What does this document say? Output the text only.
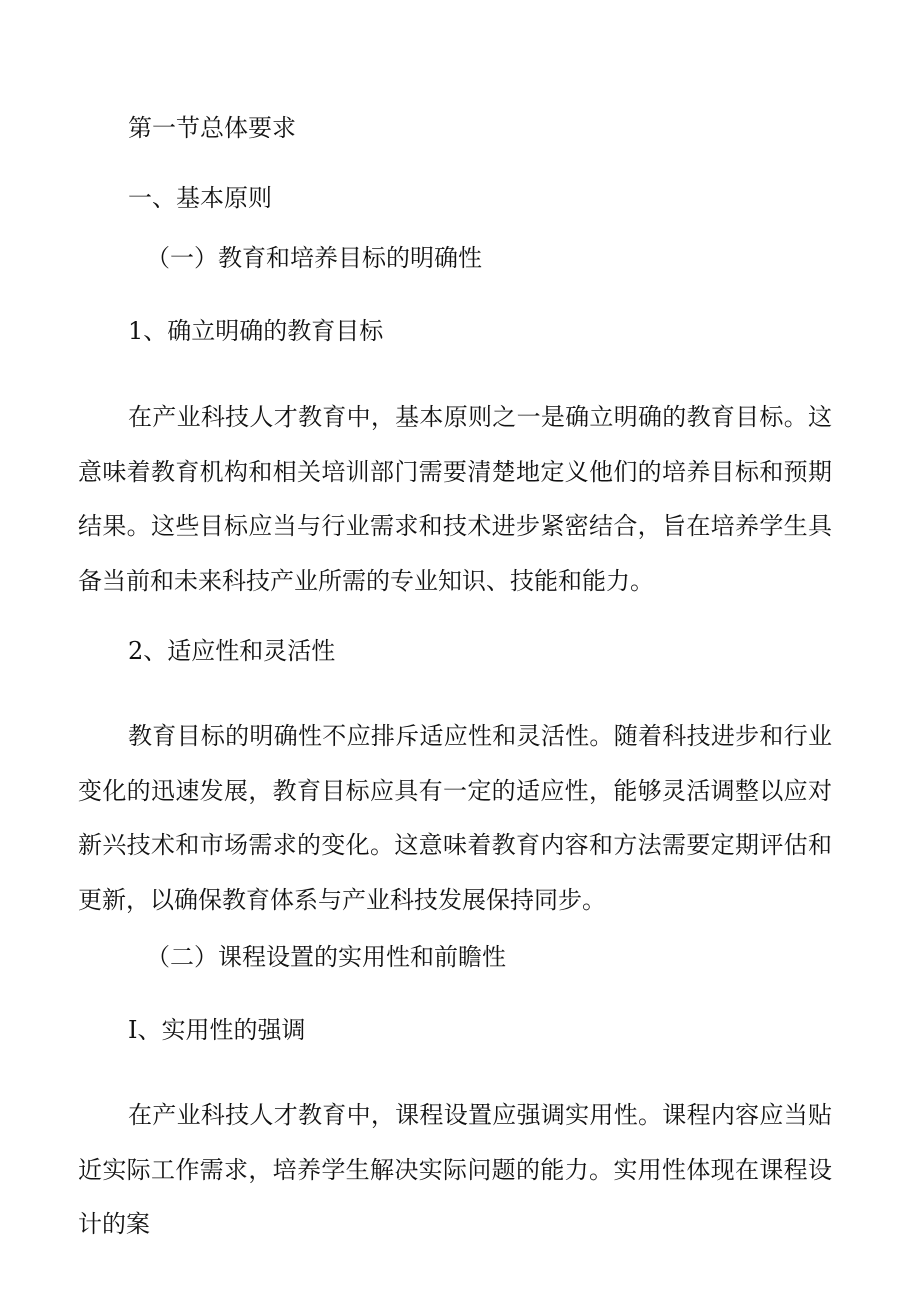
第一节总体要求

一、基本原则

（一）教育和培养目标的明确性

1、确立明确的教育目标

在产业科技人才教育中，基本原则之一是确立明确的教育目标。这意味着教育机构和相关培训部门需要清楚地定义他们的培养目标和预期结果。这些目标应当与行业需求和技术进步紧密结合，旨在培养学生具备当前和未来科技产业所需的专业知识、技能和能力。

2、适应性和灵活性

教育目标的明确性不应排斥适应性和灵活性。随着科技进步和行业变化的迅速发展，教育目标应具有一定的适应性，能够灵活调整以应对新兴技术和市场需求的变化。这意味着教育内容和方法需要定期评估和更新，以确保教育体系与产业科技发展保持同步。

（二）课程设置的实用性和前瞻性

I、实用性的强调

在产业科技人才教育中，课程设置应强调实用性。课程内容应当贴近实际工作需求，培养学生解决实际问题的能力。实用性体现在课程设计的案
